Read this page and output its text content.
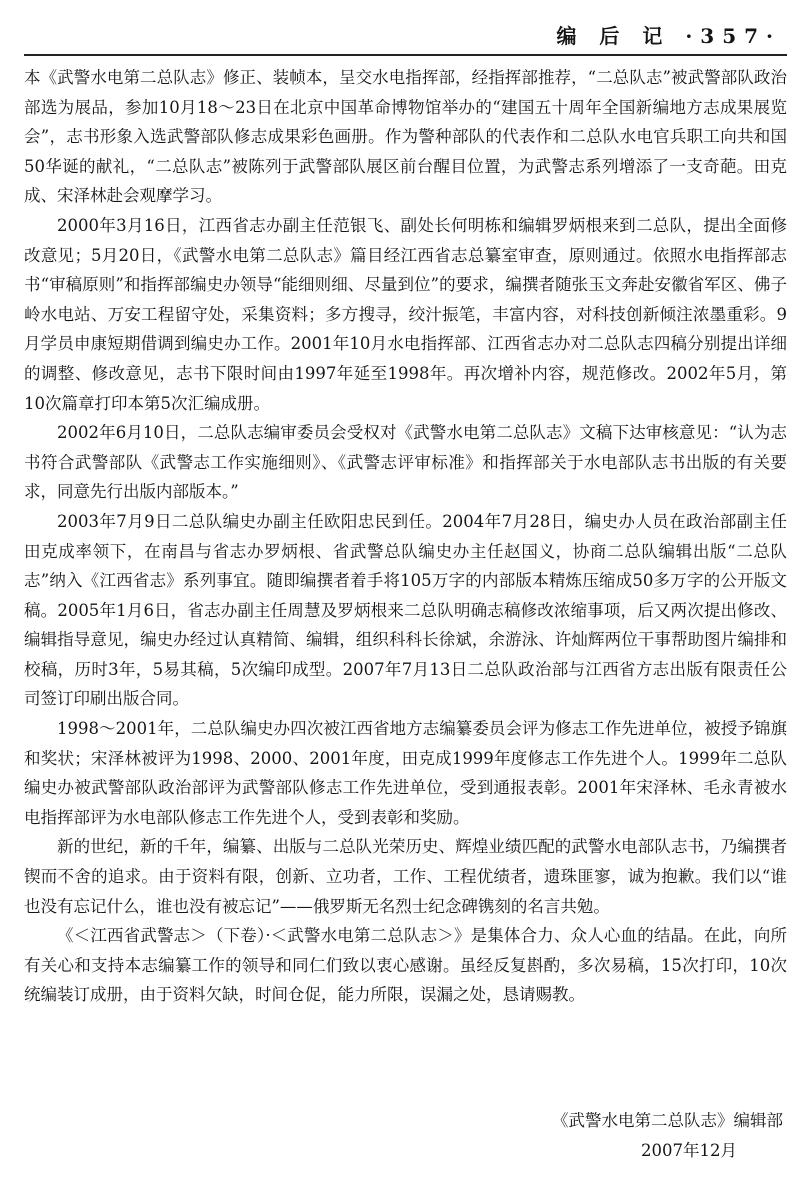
编 后 记 ·357·

本《武警水电第二总队志》修正、装帧本，呈交水电指挥部，经指挥部推荐，“二总队志”被武警部队政治部选为展品，参加10月18～23日在北京中国革命博物馆举办的“建国五十周年全国新编地方志成果展览会”，志书形象入选武警部队修志成果彩色画册。作为警种部队的代表作和二总队水电官兵职工向共和国50华诞的献礼，“二总队志”被陈列于武警部队展区前台醒目位置，为武警志系列增添了一支奇葩。田克成、宋泽林赴会观摩学习。

2000年3月16日，江西省志办副主任范银飞、副处长何明栋和编辑罗炳根来到二总队，提出全面修改意见；5月20日，《武警水电第二总队志》篇目经江西省志总纂室审查，原则通过。依照水电指挥部志书“审稿原则”和指挥部编史办领导“能细则细、尽量到位”的要求，编撰者随张玉文奔赴安徽省军区、佛子岭水电站、万安工程留守处，采集资料；多方搜寻，绞汁振笔，丰富内容，对科技创新倾注浓墨重彩。9月学员申康短期借调到编史办工作。2001年10月水电指挥部、江西省志办对二总队志四稿分别提出详细的调整、修改意见，志书下限时间由1997年延至1998年。再次增补内容，规范修改。2002年5月，第10次篇章打印本第5次汇编成册。

2002年6月10日，二总队志编审委员会受权对《武警水电第二总队志》文稿下达审核意见：“认为志书符合武警部队《武警志工作实施细则》、《武警志评审标准》和指挥部关于水电部队志书出版的有关要求，同意先行出版内部版本。”

2003年7月9日二总队编史办副主任欧阳忠民到任。2004年7月28日，编史办人员在政治部副主任田克成率领下，在南昌与省志办罗炳根、省武警总队编史办主任赵国义，协商二总队编辑出版“二总队志”纳入《江西省志》系列事宜。随即编撰者着手将105万字的内部版本精炼压缩成50多万字的公开版文稿。2005年1月6日，省志办副主任周慧及罗炳根来二总队明确志稿修改浓缩事项，后又两次提出修改、编辑指导意见，编史办经过认真精简、编辑，组织科科长徐斌，余游泳、许灿辉两位干事帮助图片编排和校稿，历时3年，5易其稿，5次编印成型。2007年7月13日二总队政治部与江西省方志出版有限责任公司签订印刷出版合同。

1998～2001年，二总队编史办四次被江西省地方志编纂委员会评为修志工作先进单位，被授予锦旗和奖状；宋泽林被评为1998、2000、2001年度，田克成1999年度修志工作先进个人。1999年二总队编史办被武警部队政治部评为武警部队修志工作先进单位，受到通报表彰。2001年宋泽林、毛永青被水电指挥部评为水电部队修志工作先进个人，受到表彰和奖励。

新的世纪，新的千年，编纂、出版与二总队光荣历史、辉煌业绩匹配的武警水电部队志书，乃编撰者锲而不舍的追求。由于资料有限，创新、立功者，工作、工程优绩者，遗珠匪寥，诚为抱歉。我们以“谁也没有忘记什么，谁也没有被忘记”——俄罗斯无名烈士纪念碑镌刻的名言共勉。

《＜江西省武警志＞（下卷）·＜武警水电第二总队志＞》是集体合力、众人心血的结晶。在此，向所有关心和支持本志编纂工作的领导和同仁们致以衷心感谢。虽经反复斟酌，多次易稿，15次打印，10次统编装订成册，由于资料欠缺，时间仓促，能力所限，误漏之处，恳请赐教。

《武警水电第二总队志》编辑部
2007年12月
